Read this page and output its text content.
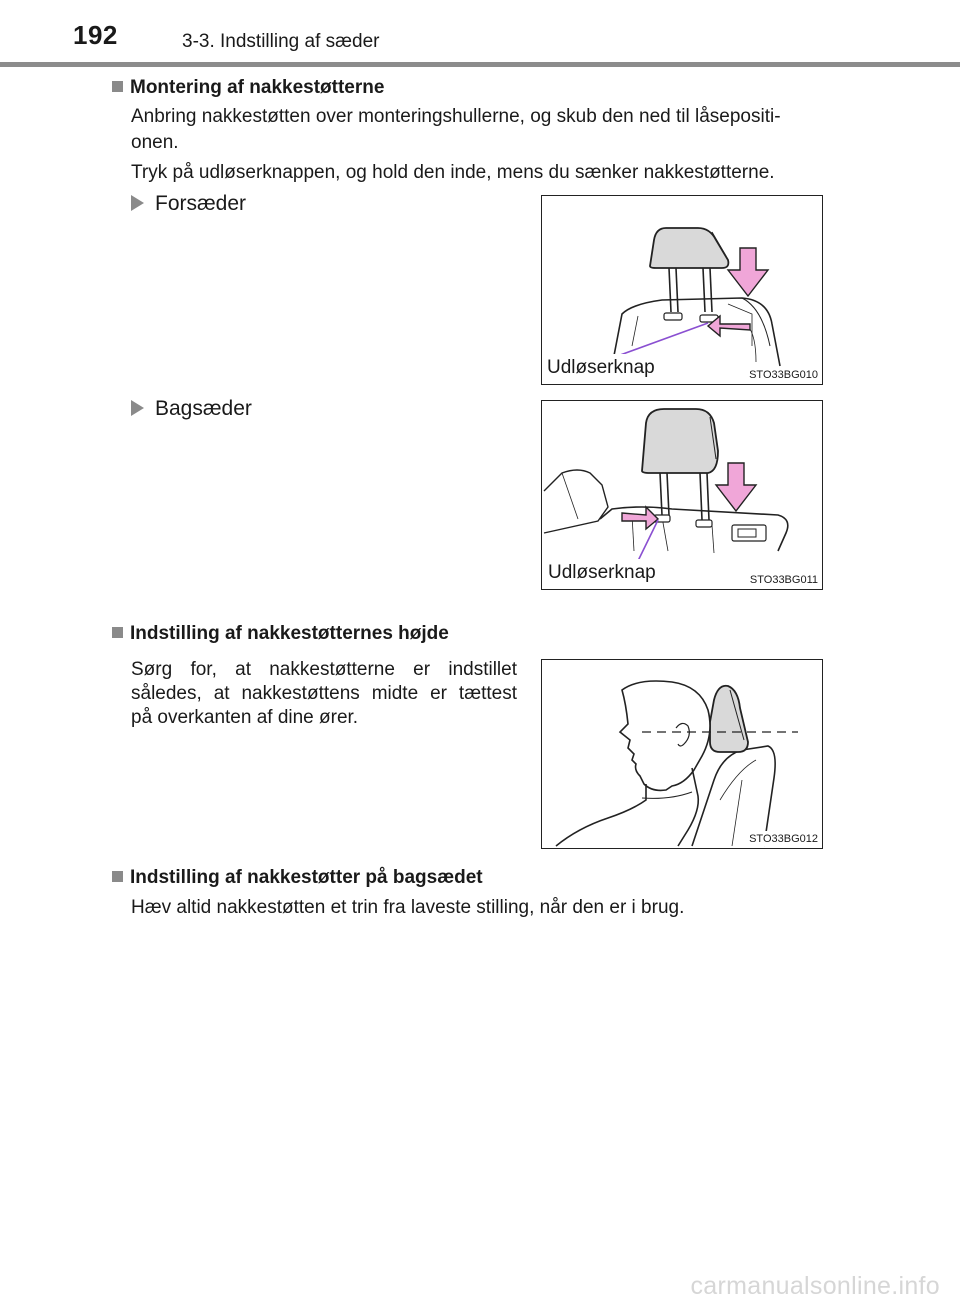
192	3-3. Indstilling af sæder
Montering af nakkestøtterne
Anbring nakkestøtten over monteringshullerne, og skub den ned til låsepositi-
onen.
Tryk på udløserknappen, og hold den inde, mens du sænker nakkestøtterne.
Forsæder
Udløserknap	STO33BG010
Bagsæder
Udløserknap	STO33BG011
Indstilling af nakkestøtternes højde
Sørg for, at nakkestøtterne er indstillet
således, at nakkestøttens midte er tættest
på overkanten af dine ører.
STO33BG012
Indstilling af nakkestøtter på bagsædet
Hæv altid nakkestøtten et trin fra laveste stilling, når den er i brug.
carmanualsonline.info
